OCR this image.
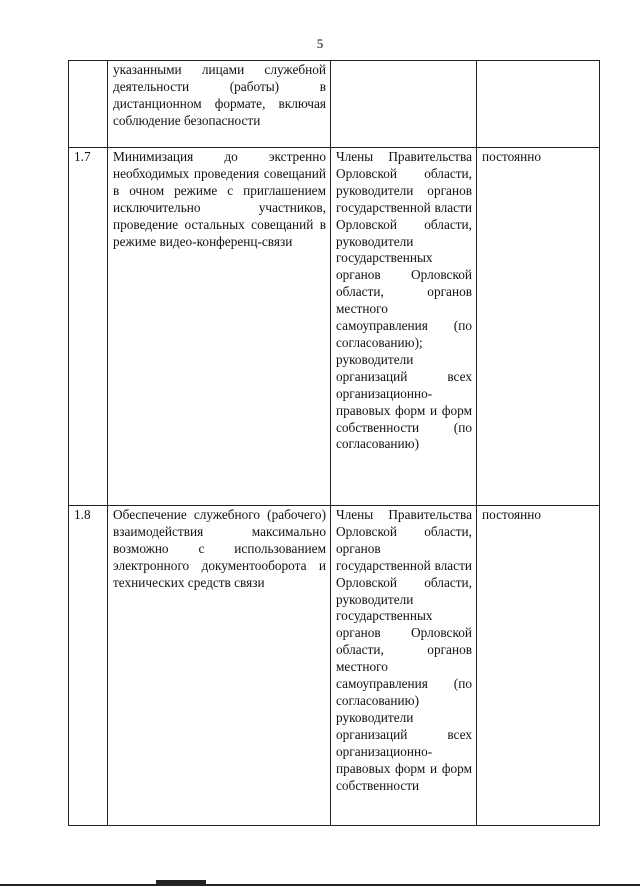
5
	указанными лицами служебной деятельности (работы) в дистанционном формате, включая соблюдение безопасности		
1.7	Минимизация до экстренно необходимых проведения совещаний в очном режиме с приглашением исключительно участников, проведение остальных совещаний в режиме видео-конференц-связи	Члены Правительства Орловской области, руководители органов государственной власти Орловской области, руководители государственных органов Орловской области, органов местного самоуправления (по согласованию); руководители организаций всех организационно-правовых форм и форм собственности (по согласованию)	постоянно
1.8	Обеспечение служебного (рабочего) взаимодействия максимально возможно с использованием электронного документооборота и технических средств связи	Члены Правительства Орловской области, органов государственной власти Орловской области, руководители государственных органов Орловской области, органов местного самоуправления (по согласованию) руководители организаций всех организационно-правовых форм и форм собственности	постоянно
